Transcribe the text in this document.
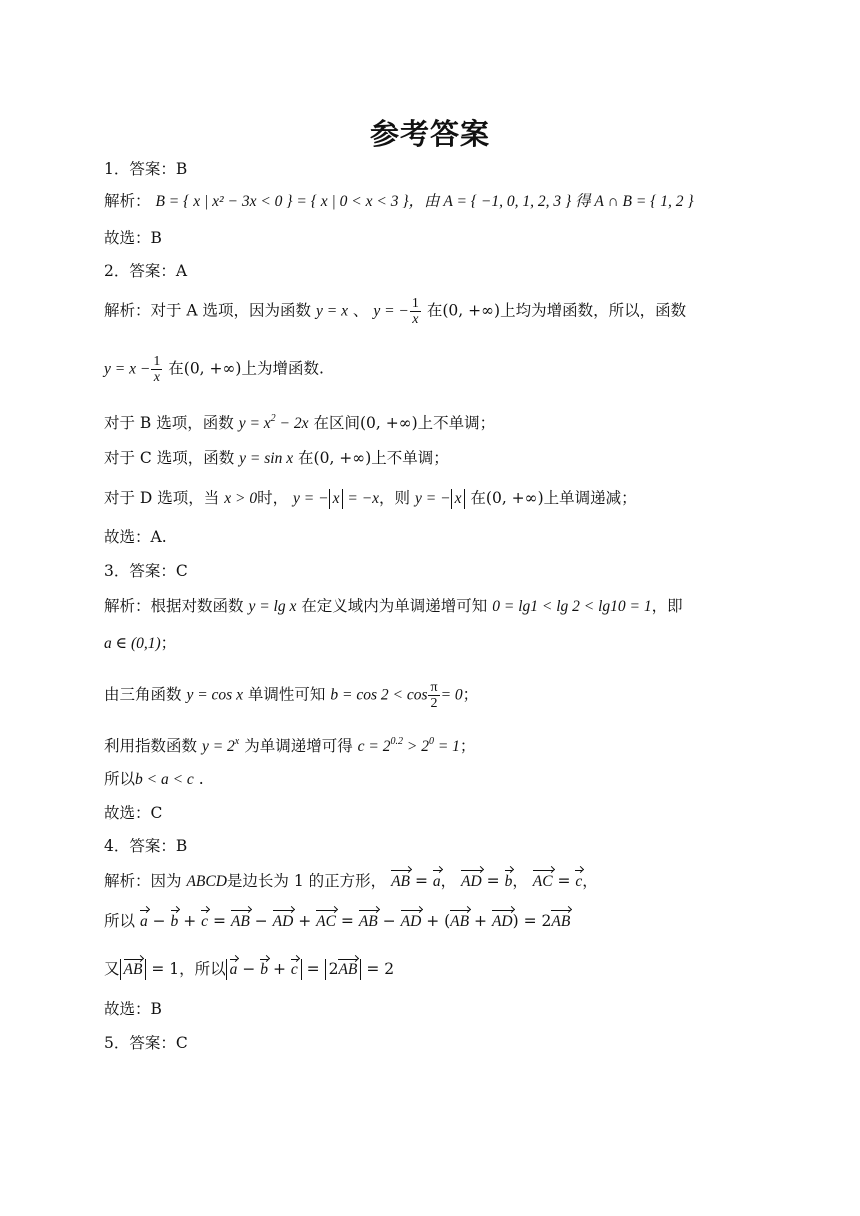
参考答案
1．答案：B
解析： B = { x | x² − 3x < 0 } = { x | 0 < x < 3 }，由 A = { −1, 0, 1, 2, 3 } 得 A ∩ B = { 1, 2 }
故选：B
2．答案：A
解析：对于 A 选项，因为函数 y = x 、 y = − $\frac{1}{x}$ 在(0, +∞)上均为增函数，所以，函数
$y = x - \frac{1}{x}$ 在(0, +∞)上为增函数.
对于 B 选项，函数 $y = x^2 - 2x$ 在区间(0, +∞)上不单调；
对于 C 选项，函数 y = sin x 在(0, +∞)上不单调；
对于 D 选项，当 x > 0时， y = − x = −x，则 y = − x 在(0, +∞)上单调递减；
故选：A.
3．答案：C
解析：根据对数函数 y = lg x 在定义域内为单调递增可知 0 = lg1 < lg 2 < lg10 = 1，即
a ∈ (0,1)；
由三角函数 y = cos x 单调性可知 $b = \cos 2 < \cos \frac{\pi}{2} = 0$；
利用指数函数 $y = 2^x$ 为单调递增可得 $c = 2^{0.2} > 2^0 = 1$；
所以b < a < c .
故选：C
4．答案：B
解析：因为 ABCD是边长为 1 的正方形， AB = a， AD = b， AC = c，
所以 a − b + c = AB − AD + AC = AB − AD + (AB + AD) = 2AB
又 AB = 1，所以 a − b + c = 2AB = 2
故选：B
5．答案：C
